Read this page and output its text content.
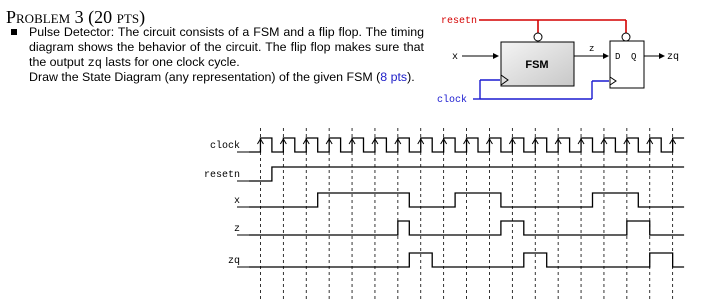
Problem 3 (20 pts)
Pulse Detector: The circuit consists of a FSM and a flip flop. The timing
diagram shows the behavior of the circuit. The flip flop makes sure that
the output zq lasts for one clock cycle.
Draw the State Diagram (any representation) of the given FSM (8 pts).
resetn
x
FSM
z
D Q	zq
clock
clock
resetn
x
z
zq
